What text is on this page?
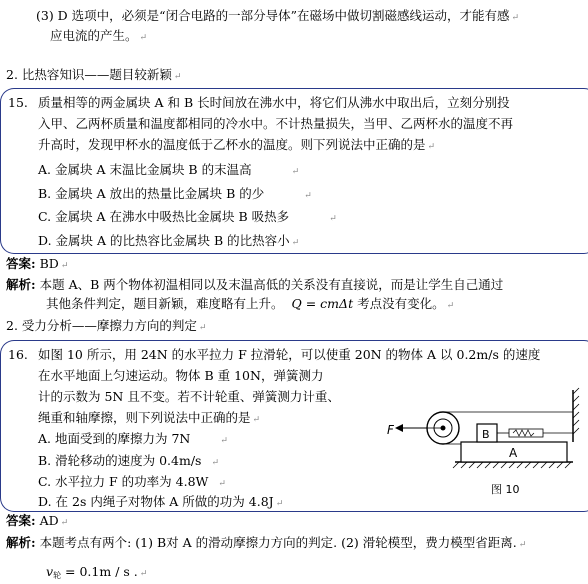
(3) D 选项中，必须是“闭合电路的一部分导体”在磁场中做切割磁感线运动，才能有感 ↵
应电流的产生。 ↵
2. 比热容知识——题目较新颖 ↵
15. 质量相等的两金属块 A 和 B 长时间放在沸水中，将它们从沸水中取出后，立刻分别投
入甲、乙两杯质量和温度都相同的冷水中。不计热量损失，当甲、乙两杯水的温度不再
升高时，发现甲杯水的温度低于乙杯水的温度。则下列说法中正确的是 ↵
A. 金属块 A 末温比金属块 B 的末温高	↵
B. 金属块 A 放出的热量比金属块 B 的少	↵
C. 金属块 A 在沸水中吸热比金属块 B 吸热多	↵
D. 金属块 A 的比热容比金属块 B 的比热容小 ↵
答案: BD ↵
解析: 本题 A、B 两个物体初温相同以及末温高低的关系没有直接说，而是让学生自己通过
其他条件判定，题目新颖，难度略有上升。 Q = cmΔt 考点没有变化。 ↵
2. 受力分析——摩擦力方向的判定 ↵
16. 如图 10 所示，用 24N 的水平拉力 F 拉滑轮，可以使重 20N 的物体 A 以 0.2m/s 的速度
在水平地面上匀速运动。物体 B 重 10N，弹簧测力
计的示数为 5N 且不变。若不计轮重、弹簧测力计重、
绳重和轴摩擦，则下列说法中正确的是 ↵
A. 地面受到的摩擦力为 7N	↵
B. 滑轮移动的速度为 0.4m/s ↵
C. 水平拉力 F 的功率为 4.8W ↵
D. 在 2s 内绳子对物体 A 所做的功为 4.8J ↵
A
B
F
图 10
答案: AD ↵
解析: 本题考点有两个: (1) B对 A 的滑动摩擦力方向的判定. (2) 滑轮模型，费力模型省距离. ↵
$v_轮 = 0.1m / s$ . ↵
